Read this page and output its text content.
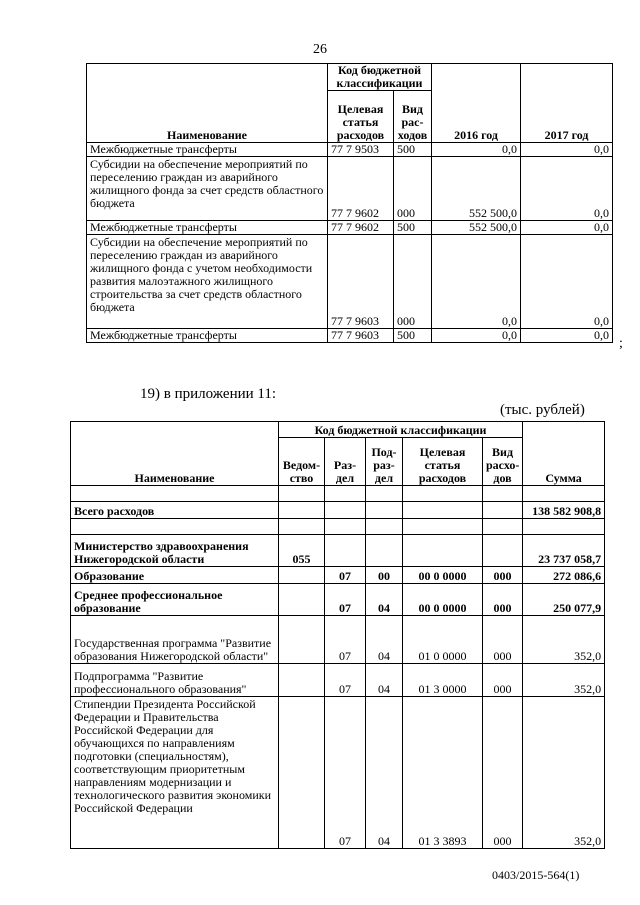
26
Наименование	Код бюджетной классификации		2016 год	2017 год
	Целевая статья расходов	Вид рас-ходов		
Межбюджетные трансферты	77 7 9503	500	0,0	0,0
Субсидии на обеспечение мероприятий по переселению граждан из аварийного жилищного фонда за счет средств областного бюджета	77 7 9602	000	552 500,0	0,0
Межбюджетные трансферты	77 7 9602	500	552 500,0	0,0
Субсидии на обеспечение мероприятий по переселению граждан из аварийного жилищного фонда с учетом необходимости развития малоэтажного жилищного строительства за счет средств областного бюджета	77 7 9603	000	0,0	0,0
Межбюджетные трансферты	77 7 9603	500	0,0	0,0
;
19) в приложении 11:
(тыс. рублей)
Наименование	Код бюджетной классификации					Сумма
	Ведом-ство	Раз-дел	Под-раз-дел	Целевая статья расходов	Вид расхо-дов	

Всего расходов						138 582 908,8

Министерство здравоохранения Нижегородской области	055					23 737 058,7
Образование		07	00	00 0 0000	000	272 086,6
Среднее профессиональное образование		07	04	00 0 0000	000	250 077,9
Государственная программа "Развитие образования Нижегородской области"		07	04	01 0 0000	000	352,0
Подпрограмма "Развитие профессионального образования"		07	04	01 3 0000	000	352,0
Стипендии Президента Российской Федерации и Правительства Российской Федерации для обучающихся по направлениям подготовки (специальностям), соответствующим приоритетным направлениям модернизации и технологического развития экономики Российской Федерации		07	04	01 3 3893	000	352,0
0403/2015-564(1)
